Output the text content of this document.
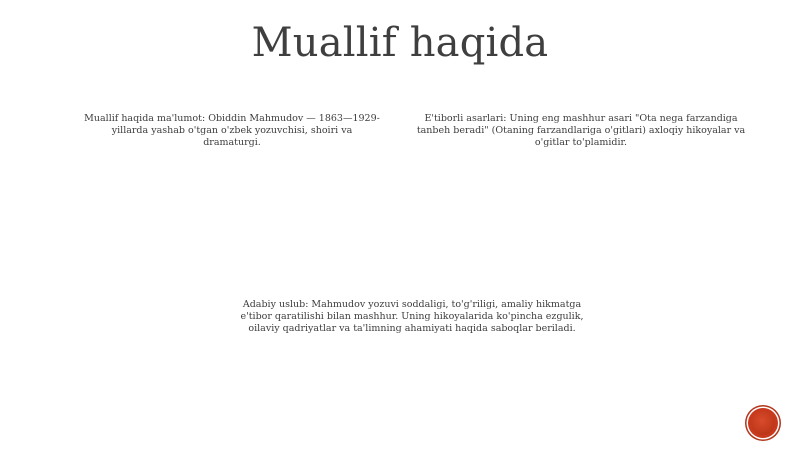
Muallif haqida

Muallif haqida ma'lumot: Obiddin Mahmudov — 1863—1929-yillarda yashab o'tgan o'zbek yozuvchisi, shoiri va dramaturgi.

E'tiborli asarlari: Uning eng mashhur asari "Ota nega farzandiga tanbeh beradi" (Otaning farzandlariga o'gitlari) axloqiy hikoyalar va o'gitlar to'plamidir.

Adabiy uslub: Mahmudov yozuvi soddaligi, to'g'riligi, amaliy hikmatga e'tibor qaratilishi bilan mashhur. Uning hikoyalarida ko'pincha ezgulik, oilaviy qadriyatlar va ta'limning ahamiyati haqida saboqlar beriladi.
